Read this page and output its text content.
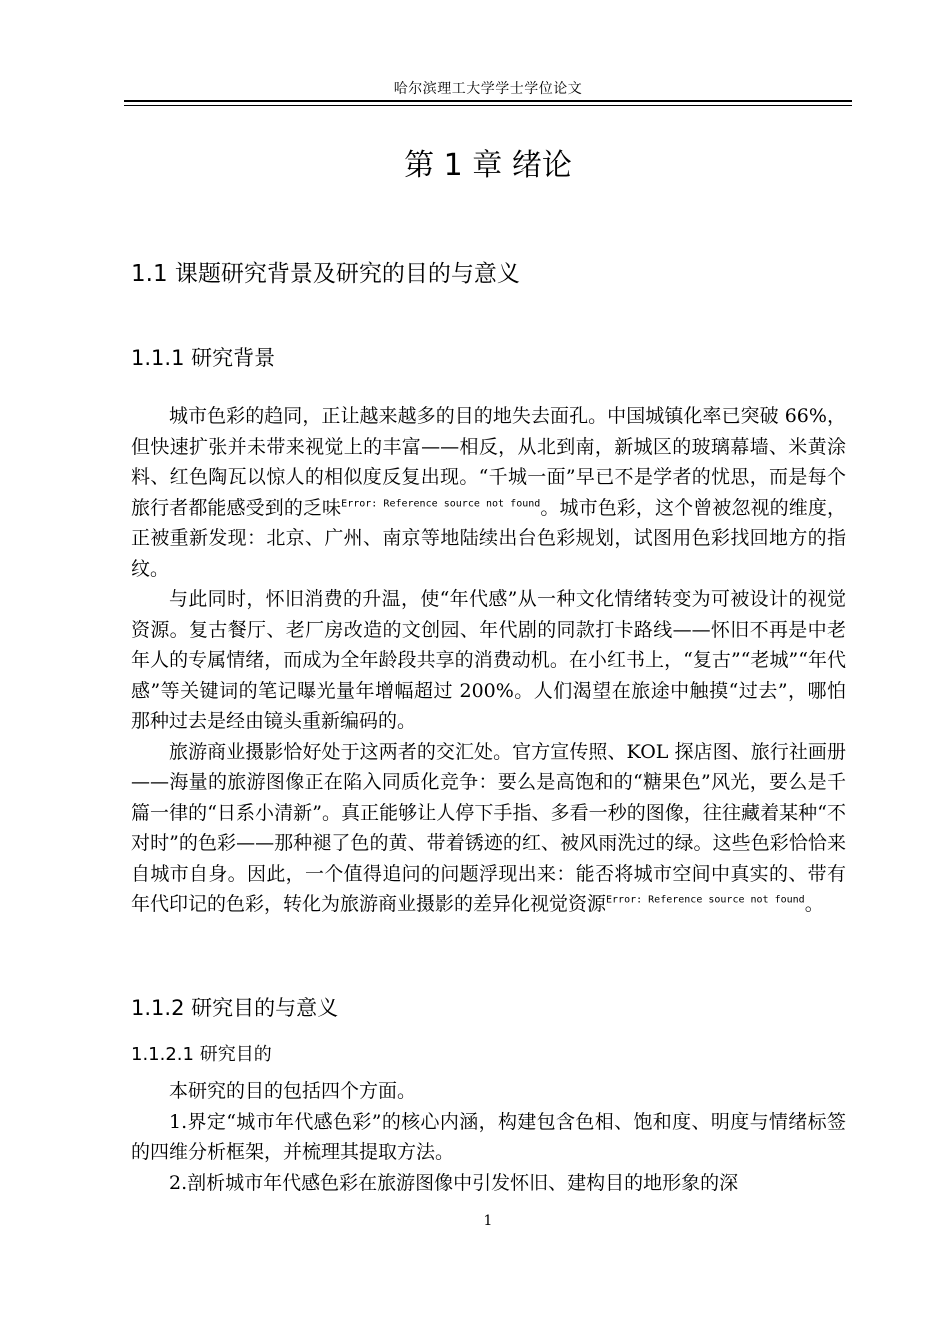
哈尔滨理工大学学士学位论文
第 1 章 绪论
1.1 课题研究背景及研究的目的与意义
1.1.1 研究背景

城市色彩的趋同，正让越来越多的目的地失去面孔。中国城镇化率已突破 66%，但快速扩张并未带来视觉上的丰富——相反，从北到南，新城区的玻璃幕墙、米黄涂料、红色陶瓦以惊人的相似度反复出现。“千城一面”早已不是学者的忧思，而是每个旅行者都能感受到的乏味$^{Error: Reference source not found}$。城市色彩，这个曾被忽视的维度，正被重新发现：北京、广州、南京等地陆续出台色彩规划，试图用色彩找回地方的指纹。

与此同时，怀旧消费的升温，使“年代感”从一种文化情绪转变为可被设计的视觉资源。复古餐厅、老厂房改造的文创园、年代剧的同款打卡路线——怀旧不再是中老年人的专属情绪，而成为全年龄段共享的消费动机。在小红书上，“复古”“老城”“年代感”等关键词的笔记曝光量年增幅超过 200%。人们渴望在旅途中触摸“过去”，哪怕那种过去是经由镜头重新编码的。

旅游商业摄影恰好处于这两者的交汇处。官方宣传照、KOL 探店图、旅行社画册——海量的旅游图像正在陷入同质化竞争：要么是高饱和的“糖果色”风光，要么是千篇一律的“日系小清新”。真正能够让人停下手指、多看一秒的图像，往往藏着某种“不对时”的色彩——那种褪了色的黄、带着锈迹的红、被风雨洗过的绿。这些色彩恰恰来自城市自身。因此，一个值得追问的问题浮现出来：能否将城市空间中真实的、带有年代印记的色彩，转化为旅游商业摄影的差异化视觉资源$^{Error: Reference source not found}$。

1.1.2 研究目的与意义
1.1.2.1 研究目的

本研究的目的包括四个方面。

1.界定“城市年代感色彩”的核心内涵，构建包含色相、饱和度、明度与情绪标签的四维分析框架，并梳理其提取方法。

2.剖析城市年代感色彩在旅游图像中引发怀旧、建构目的地形象的深

1
